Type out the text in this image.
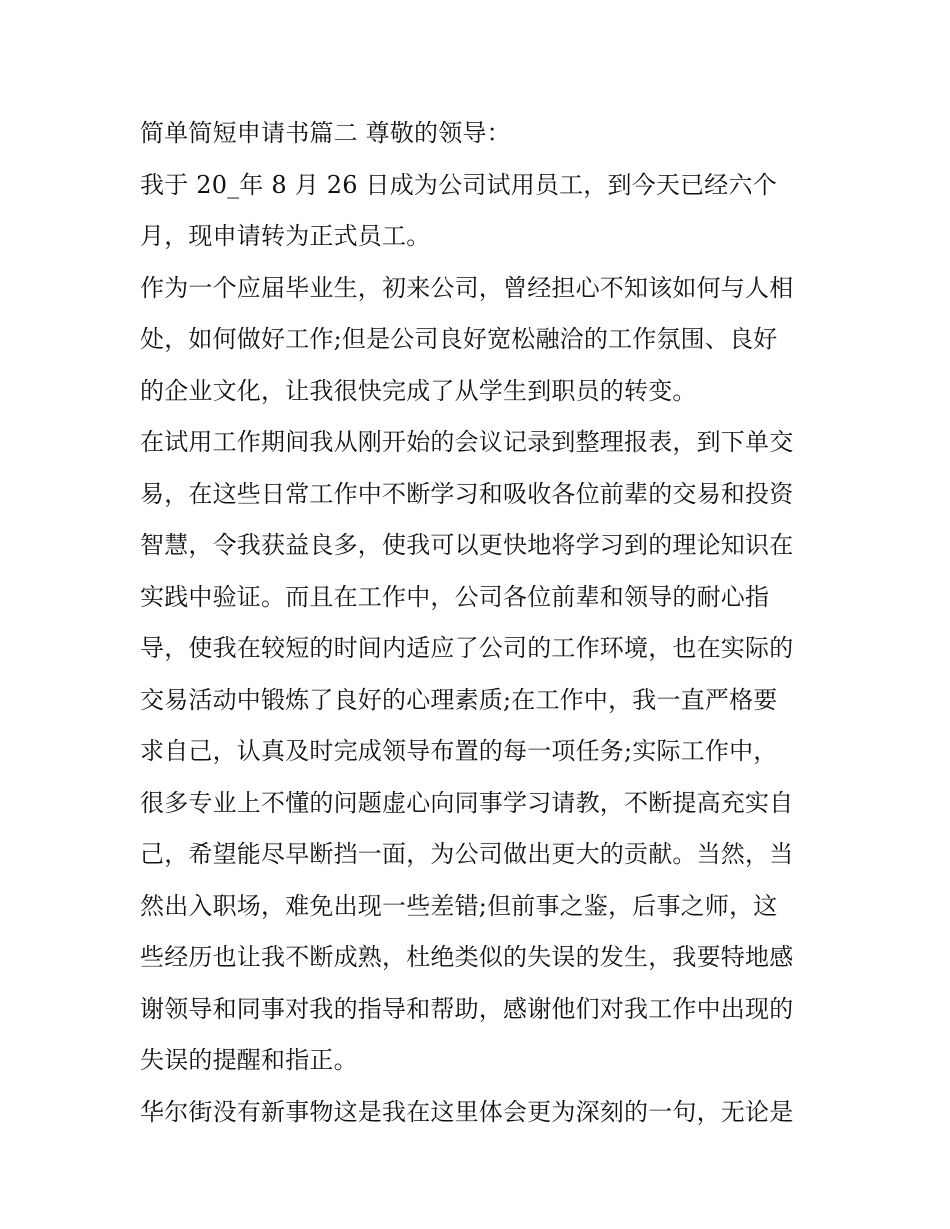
简单简短申请书篇二 尊敬的领导：
我于 20_年 8 月 26 日成为公司试用员工，到今天已经六个
月，现申请转为正式员工。
作为一个应届毕业生，初来公司，曾经担心不知该如何与人相
处，如何做好工作;但是公司良好宽松融洽的工作氛围、良好
的企业文化，让我很快完成了从学生到职员的转变。
在试用工作期间我从刚开始的会议记录到整理报表，到下单交
易，在这些日常工作中不断学习和吸收各位前辈的交易和投资
智慧，令我获益良多，使我可以更快地将学习到的理论知识在
实践中验证。而且在工作中，公司各位前辈和领导的耐心指
导，使我在较短的时间内适应了公司的工作环境，也在实际的
交易活动中锻炼了良好的心理素质;在工作中，我一直严格要
求自己，认真及时完成领导布置的每一项任务;实际工作中，
很多专业上不懂的问题虚心向同事学习请教，不断提高充实自
己，希望能尽早断挡一面，为公司做出更大的贡献。当然，当
然出入职场，难免出现一些差错;但前事之鉴，后事之师，这
些经历也让我不断成熟，杜绝类似的失误的发生，我要特地感
谢领导和同事对我的指导和帮助，感谢他们对我工作中出现的
失误的提醒和指正。
华尔街没有新事物这是我在这里体会更为深刻的一句，无论是
